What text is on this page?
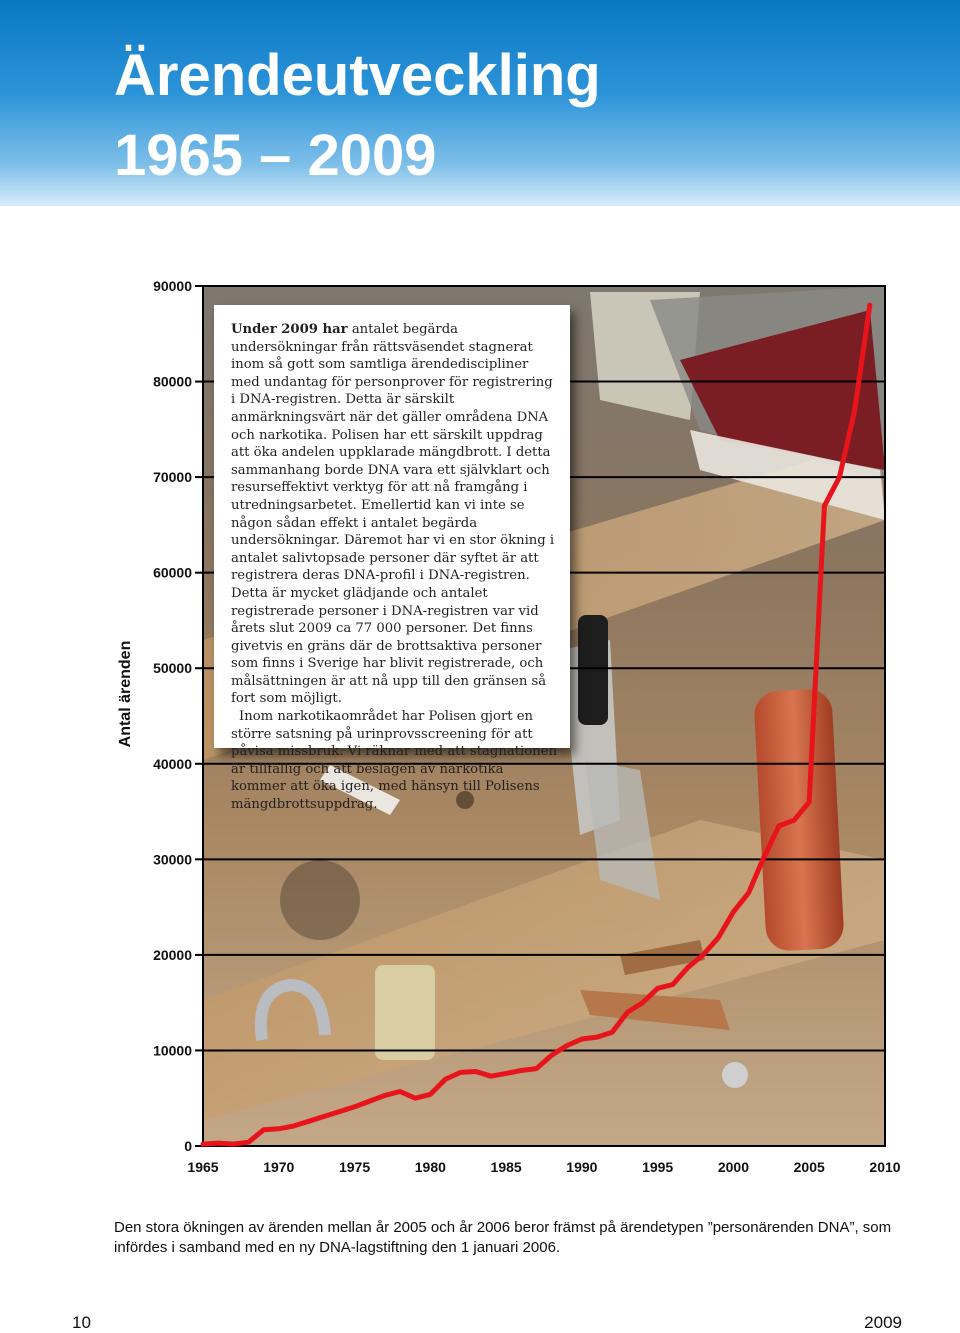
Ärendeutveckling
1965 – 2009
0
10000
20000
30000
40000
50000
60000
70000
80000
90000
1965	1970	1975	1980	1985	1990	1995	2000	2005	2010
Antal ärenden

Under 2009 har antalet begärda undersökningar från rättsväsendet stagnerat inom så gott som samtliga ärendediscipliner med undantag för personprover för registrering i DNA-registren. Detta är särskilt anmärkningsvärt när det gäller områdena DNA och narkotika. Polisen har ett särskilt uppdrag att öka andelen uppklarade mängdbrott. I detta sammanhang borde DNA vara ett självklart och resurseffektivt verktyg för att nå framgång i utredningsarbetet. Emellertid kan vi inte se någon sådan effekt i antalet begärda undersökningar. Däremot har vi en stor ökning i antalet salivtopsade personer där syftet är att registrera deras DNA-profil i DNA-registren. Detta är mycket glädjande och antalet registrerade personer i DNA-registren var vid årets slut 2009 ca 77 000 personer. Det finns givetvis en gräns där de brottsaktiva personer som finns i Sverige har blivit registrerade, och målsättningen är att nå upp till den gränsen så fort som möjligt.

Inom narkotikaområdet har Polisen gjort en större satsning på urinprovsscreening för att påvisa missbruk. Vi räknar med att stagnationen är tillfällig och att beslagen av narkotika kommer att öka igen, med hänsyn till Polisens mängdbrottsuppdrag.

Den stora ökningen av ärenden mellan år 2005 och år 2006 beror främst på ärendetypen ”personärenden DNA”, som infördes i samband med en ny DNA-lagstiftning den 1 januari 2006.
10	2009
